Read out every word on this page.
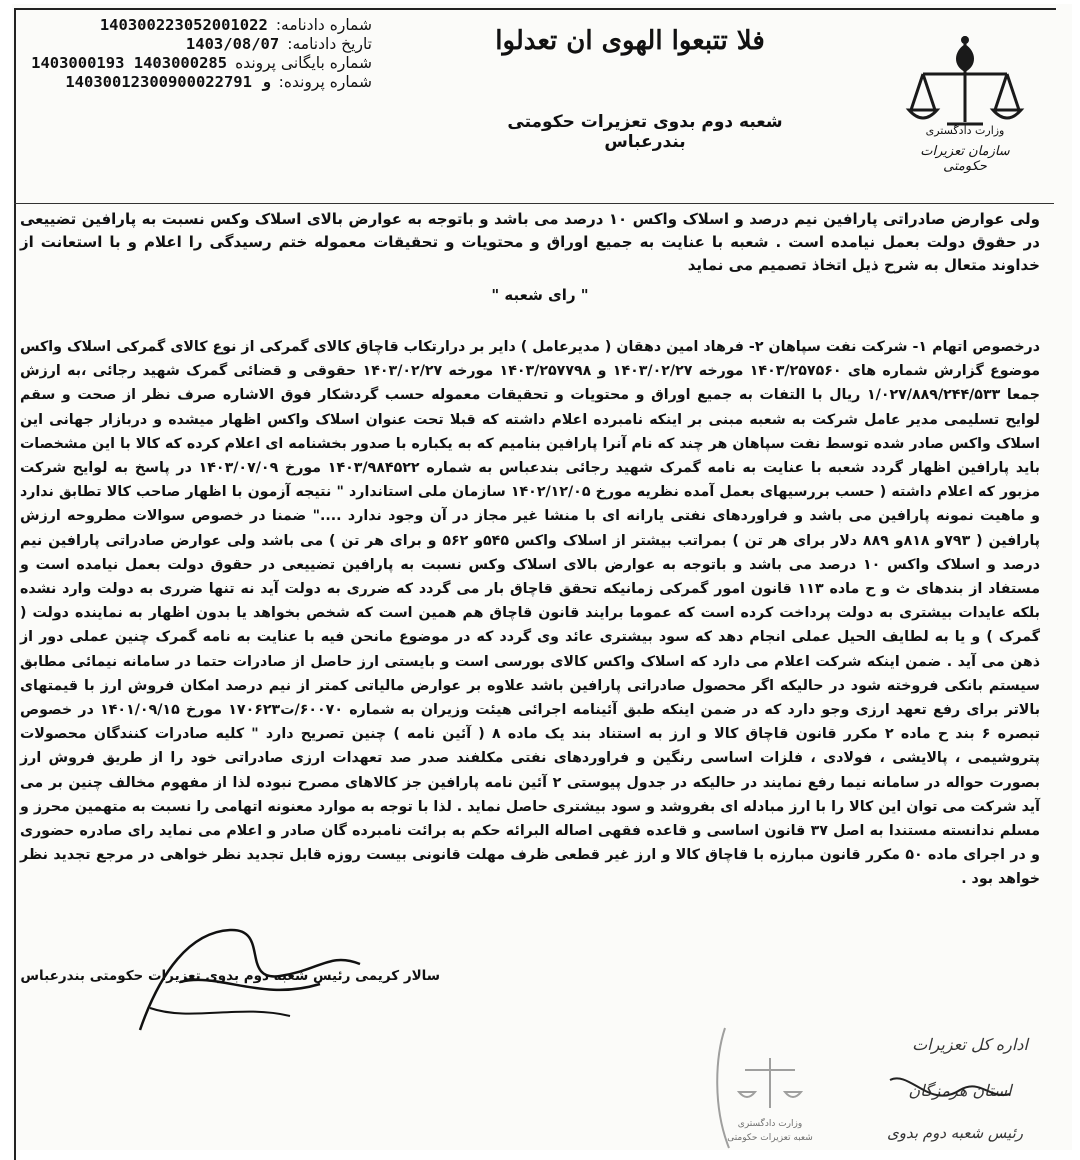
شماره دادنامه:
140300223052001022
تاریخ دادنامه:
1403/08/07
شماره بایگانی پرونده
1403000193 1403000285
شماره پرونده:
و 14030012300900022791
فلا تتبعوا الهوی ان تعدلوا
شعبه دوم بدوی تعزیرات حکومتی بندرعباس
وزارت دادگستری
سازمان تعزیرات حکومتی
ولی عوارض صادراتی پارافین نیم درصد و اسلاک واکس ۱۰ درصد می باشد و باتوجه به عوارض بالای اسلاک وکس نسبت به پارافین تضییعی در حقوق دولت بعمل نیامده است . شعبه با عنایت به جمیع اوراق و محتویات و تحقیقات معموله ختم رسیدگی را اعلام و با استعانت از خداوند متعال به شرح ذیل اتخاذ تصمیم می نماید
" رای شعبه "
درخصوص اتهام ۱- شرکت نفت سپاهان ۲- فرهاد امین دهقان ( مدیرعامل ) دایر بر درارتکاب قاچاق کالای گمرکی از نوع کالای گمرکی اسلاک واکس موضوع گزارش شماره های ۱۴۰۳/۲۵۷۵۶۰ مورخه ۱۴۰۳/۰۲/۲۷ و ۱۴۰۳/۲۵۷۷۹۸ مورخه ۱۴۰۳/۰۲/۲۷ حقوقی و قضائی گمرک شهید رجائی ،به ارزش جمعا ۱/۰۲۷/۸۸۹/۲۴۴/۵۳۳ ریال با التفات به جمیع اوراق و محتویات و تحقیقات معموله حسب گردشکار فوق الاشاره صرف نظر از صحت و سقم لوایح تسلیمی مدیر عامل شرکت به شعبه مبنی بر اینکه نامبرده اعلام داشته که قبلا تحت عنوان اسلاک واکس اظهار میشده و دربازار جهانی این اسلاک واکس صادر شده توسط نفت سپاهان هر چند که نام آنرا پارافین بنامیم که به یکباره با صدور بخشنامه ای اعلام کرده که کالا با این مشخصات باید پارافین اظهار گردد شعبه با عنایت به نامه گمرک شهید رجائی بندعباس به شماره ۱۴۰۳/۹۸۴۵۲۲ مورخ ۱۴۰۳/۰۷/۰۹ در پاسخ به لوایح شرکت مزبور که اعلام داشته ( حسب بررسیهای بعمل آمده نظریه مورخ ۱۴۰۲/۱۲/۰۵ سازمان ملی استاندارد " نتیجه آزمون با اظهار صاحب کالا تطابق ندارد و ماهیت نمونه پارافین می باشد و فراوردهای نفتی یارانه ای با منشا غیر مجاز در آن وجود ندارد ...." ضمنا در خصوص سوالات مطروحه ارزش پارافین ( ۷۹۳و ۸۱۸و ۸۸۹ دلار برای هر تن ) بمراتب بیشتر از اسلاک واکس ۵۴۵و ۵۶۲ و برای هر تن ) می باشد ولی عوارض صادراتی پارافین نیم درصد و اسلاک واکس ۱۰ درصد می باشد و باتوجه به عوارض بالای اسلاک وکس نسبت به پارافین تضییعی در حقوق دولت بعمل نیامده است و مستفاد از بندهای ث و ح ماده ۱۱۳ قانون امور گمرکی زمانیکه تحقق قاچاق بار می گردد که ضرری به دولت آید نه تنها ضرری به دولت وارد نشده بلکه عایدات بیشتری به دولت پرداخت کرده است که عموما برایند قانون قاچاق هم همین است که شخص بخواهد یا بدون اظهار به نماینده دولت ( گمرک ) و یا به لطایف الحیل عملی انجام دهد که سود بیشتری عائد وی گردد که در موضوع مانحن فیه با عنایت به نامه گمرک چنین عملی دور از ذهن می آید . ضمن اینکه شرکت اعلام می دارد که اسلاک واکس کالای بورسی است و بایستی ارز حاصل از صادرات حتما در سامانه نیمائی مطابق سیستم بانکی فروخته شود در حالیکه اگر محصول صادراتی پارافین باشد علاوه بر عوارض مالیاتی کمتر از نیم درصد امکان فروش ارز با قیمتهای بالاتر برای رفع تعهد ارزی وجو دارد که در ضمن اینکه طبق آئینامه اجرائی هیئت وزیران به شماره ۶۰۰۷۰/ت۱۷۰۶۲۳ مورخ ۱۴۰۱/۰۹/۱۵ در خصوص تبصره ۶ بند ح ماده ۲ مکرر قانون قاچاق کالا و ارز به استناد بند یک ماده ۸ ( آئین نامه ) چنین تصریح دارد " کلیه صادرات کنندگان محصولات پتروشیمی ، پالایشی ، فولادی ، فلزات اساسی رنگین و فراوردهای نفتی مکلفند صدر صد تعهدات ارزی صادراتی خود را از طریق فروش ارز بصورت حواله در سامانه نیما رفع نمایند در حالیکه در جدول پیوستی ۲ آئین نامه پارافین جز کالاهای مصرح نبوده لذا از مفهوم مخالف چنین بر می آید شرکت می توان این کالا را با ارز مبادله ای بفروشد و سود بیشتری حاصل نماید . لذا با توجه به موارد معنونه اتهامی را نسبت به متهمین محرز و مسلم ندانسته مستندا به اصل ۳۷ قانون اساسی و قاعده فقهی اصاله البرائه حکم به برائت نامبرده گان صادر و اعلام می نماید رای صادره حضوری و در اجرای ماده ۵۰ مکرر قانون مبارزه با قاچاق کالا و ارز غیر قطعی ظرف مهلت قانونی بیست روزه قابل تجدید نظر خواهی در مرجع تجدید نظر خواهد بود .
سالار کریمی رئیس شعبه دوم بدوی تعزیرات حکومتی بندرعباس
وزارت دادگستری
شعبه تعزیرات حکومتی
اداره کل تعزیرات
استان هرمزگان
رئیس شعبه دوم بدوی
